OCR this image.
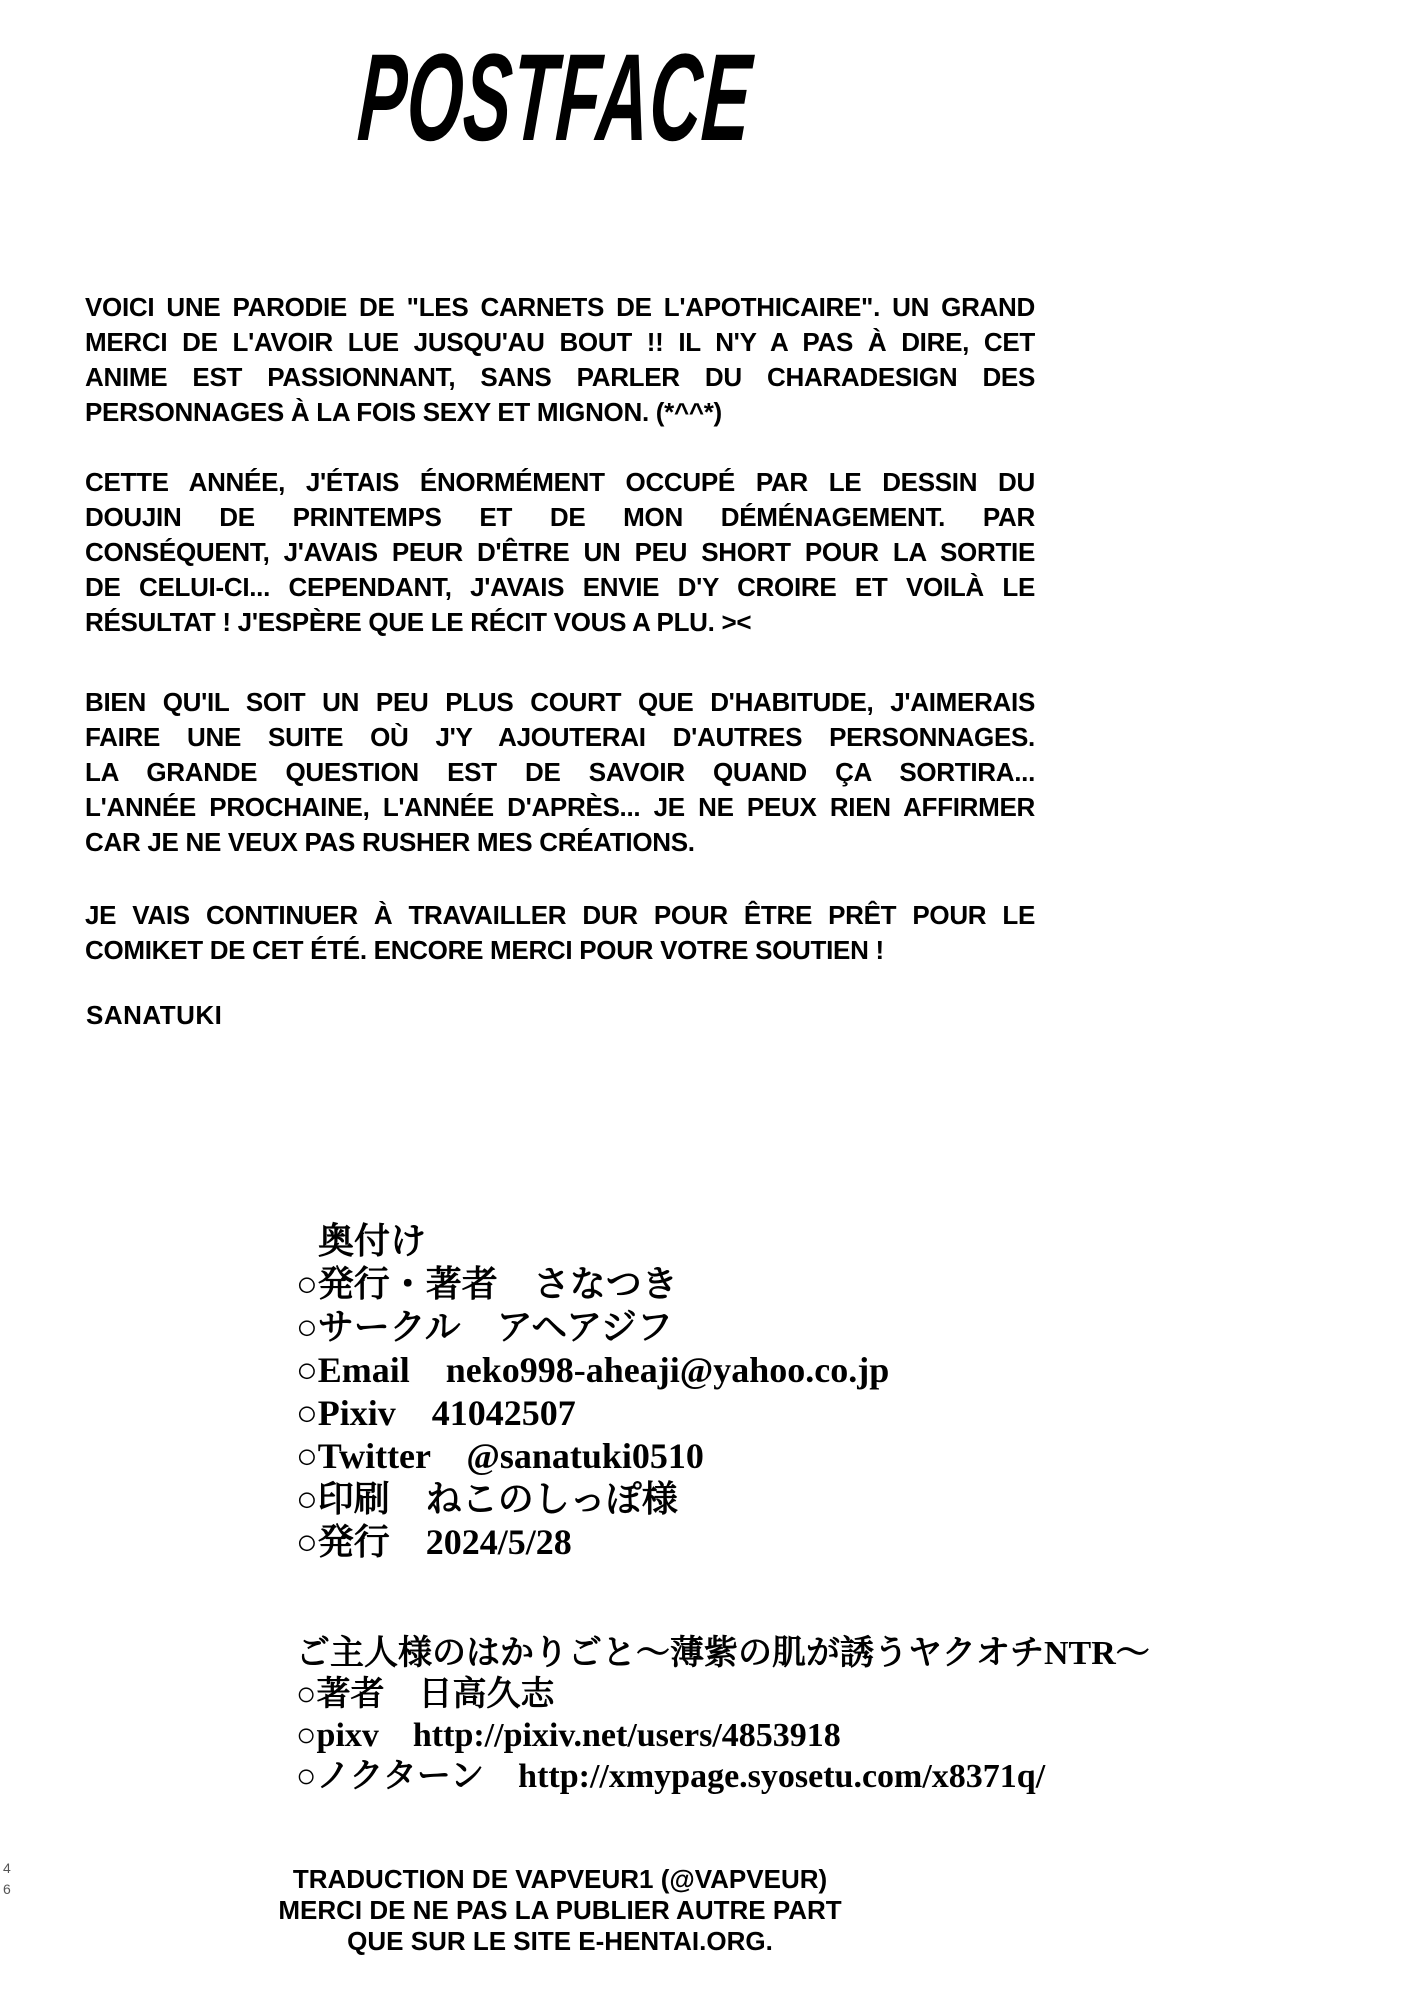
4
6
POSTFACE
VOICI UNE PARODIE DE "LES CARNETS DE L'APOTHICAIRE". UN GRAND
MERCI DE L'AVOIR LUE JUSQU'AU BOUT !! IL N'Y A PAS À DIRE, CET
ANIME EST PASSIONNANT, SANS PARLER DU CHARADESIGN DES
PERSONNAGES À LA FOIS SEXY ET MIGNON. (*^^*)
CETTE ANNÉE, J'ÉTAIS ÉNORMÉMENT OCCUPÉ PAR LE DESSIN DU
DOUJIN DE PRINTEMPS ET DE MON DÉMÉNAGEMENT. PAR
CONSÉQUENT, J'AVAIS PEUR D'ÊTRE UN PEU SHORT POUR LA SORTIE
DE CELUI-CI... CEPENDANT, J'AVAIS ENVIE D'Y CROIRE ET VOILÀ LE
RÉSULTAT ! J'ESPÈRE QUE LE RÉCIT VOUS A PLU. ><
BIEN QU'IL SOIT UN PEU PLUS COURT QUE D'HABITUDE, J'AIMERAIS
FAIRE UNE SUITE OÙ J'Y AJOUTERAI D'AUTRES PERSONNAGES.
LA GRANDE QUESTION EST DE SAVOIR QUAND ÇA SORTIRA...
L'ANNÉE PROCHAINE, L'ANNÉE D'APRÈS... JE NE PEUX RIEN AFFIRMER
CAR JE NE VEUX PAS RUSHER MES CRÉATIONS.
JE VAIS CONTINUER À TRAVAILLER DUR POUR ÊTRE PRÊT POUR LE
COMIKET DE CET ÉTÉ. ENCORE MERCI POUR VOTRE SOUTIEN !
SANATUKI
奥付け
○発行・著者　さなつき
○サークル　アヘアジフ
○Email　neko998-aheaji@yahoo.co.jp
○Pixiv　41042507
○Twitter　@sanatuki0510
○印刷　ねこのしっぽ様
○発行　2024/5/28
ご主人様のはかりごと～薄紫の肌が誘うヤクオチNTR～
○著者　日高久志
○pixv　http://pixiv.net/users/4853918
○ノクターン　http://xmypage.syosetu.com/x8371q/
TRADUCTION DE VAPVEUR1 (@VAPVEUR)
MERCI DE NE PAS LA PUBLIER AUTRE PART
QUE SUR LE SITE E-HENTAI.ORG.
